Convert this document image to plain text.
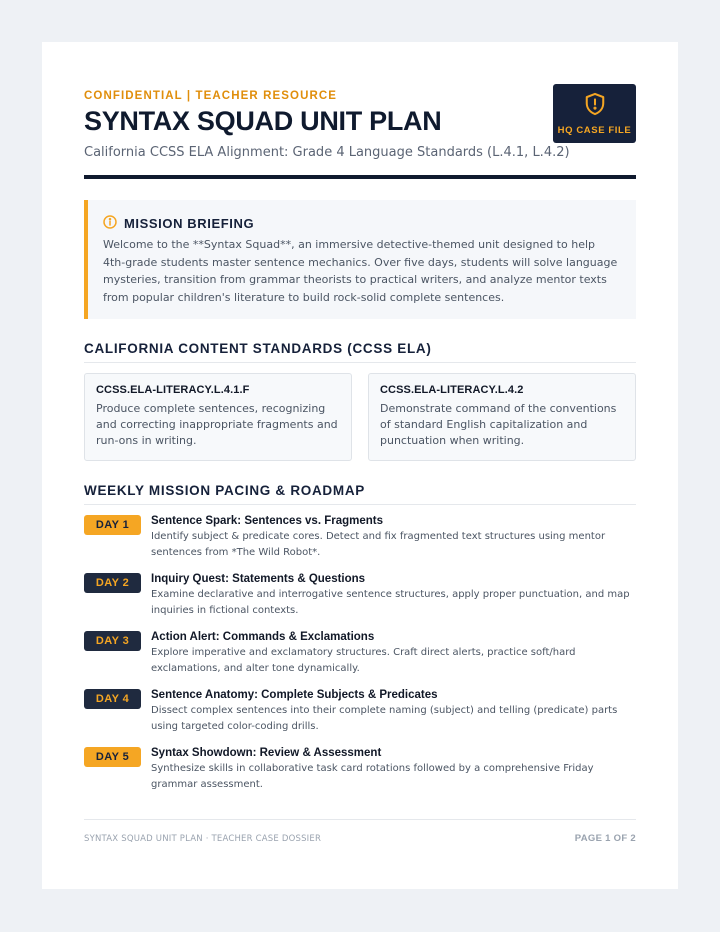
CONFIDENTIAL | TEACHER RESOURCE
SYNTAX SQUAD UNIT PLAN
California CCSS ELA Alignment: Grade 4 Language Standards (L.4.1, L.4.2)
HQ CASE FILE
MISSION BRIEFING

Welcome to the **Syntax Squad**, an immersive detective-themed unit designed to help 4th-grade students master sentence mechanics. Over five days, students will solve language mysteries, transition from grammar theorists to practical writers, and analyze mentor texts from popular children's literature to build rock-solid complete sentences.

CALIFORNIA CONTENT STANDARDS (CCSS ELA)
CCSS.ELA-LITERACY.L.4.1.F
Produce complete sentences, recognizing and correcting inappropriate fragments and run-ons in writing.
CCSS.ELA-LITERACY.L.4.2
Demonstrate command of the conventions of standard English capitalization and punctuation when writing.
WEEKLY MISSION PACING & ROADMAP
DAY 1	Sentence Spark: Sentences vs. Fragments
Identify subject & predicate cores. Detect and fix fragmented text structures using mentor sentences from *The Wild Robot*.
DAY 2	Inquiry Quest: Statements & Questions
Examine declarative and interrogative sentence structures, apply proper punctuation, and map inquiries in fictional contexts.
DAY 3	Action Alert: Commands & Exclamations
Explore imperative and exclamatory structures. Craft direct alerts, practice soft/hard exclamations, and alter tone dynamically.
DAY 4	Sentence Anatomy: Complete Subjects & Predicates
Dissect complex sentences into their complete naming (subject) and telling (predicate) parts using targeted color-coding drills.
DAY 5	Syntax Showdown: Review & Assessment
Synthesize skills in collaborative task card rotations followed by a comprehensive Friday grammar assessment.
SYNTAX SQUAD UNIT PLAN · TEACHER CASE DOSSIER	PAGE 1 OF 2
